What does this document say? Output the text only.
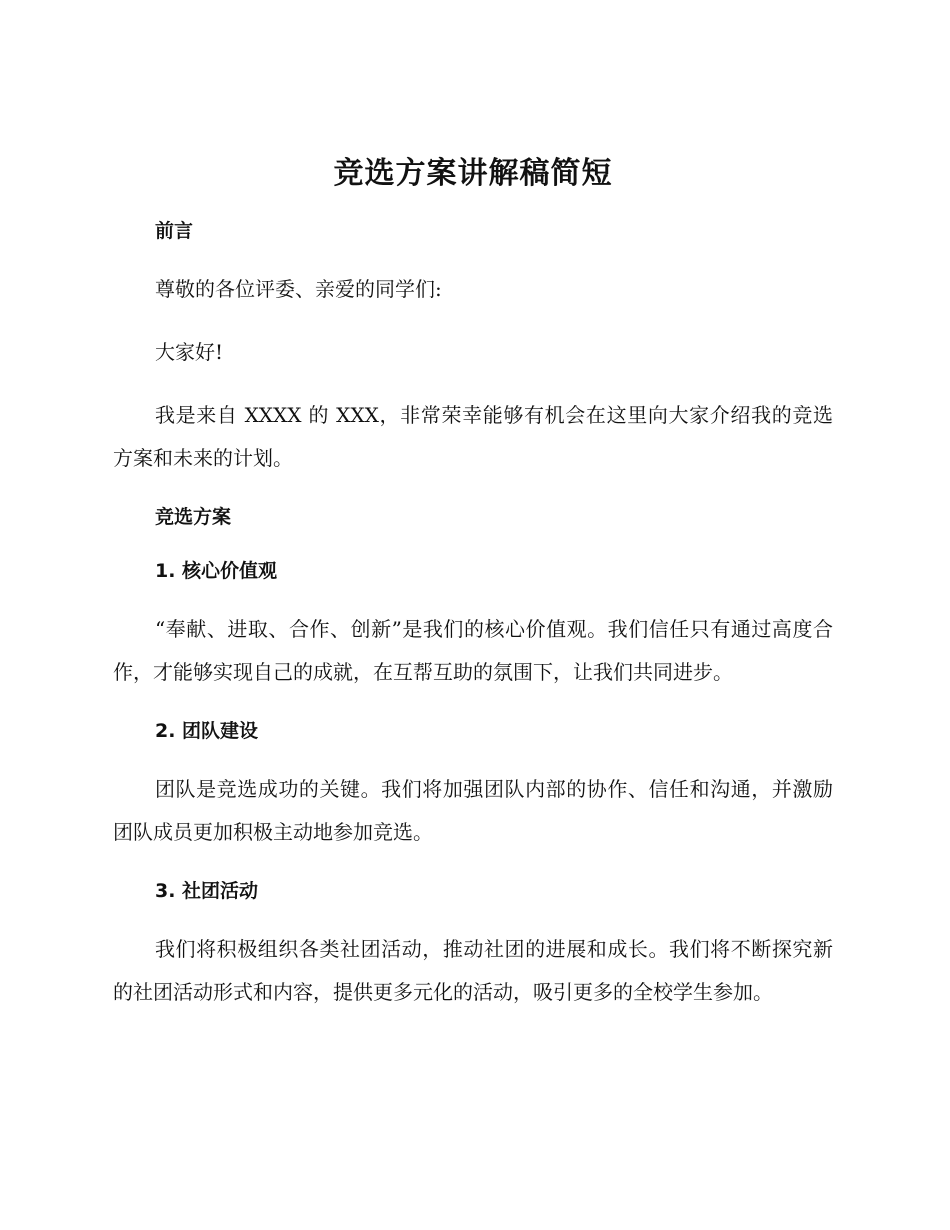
竞选方案讲解稿简短
前言

尊敬的各位评委、亲爱的同学们:

大家好!

我是来自 XXXX 的 XXX，非常荣幸能够有机会在这里向大家介绍我的竞选方案和未来的计划。

竞选方案
1. 核心价值观

“奉献、进取、合作、创新”是我们的核心价值观。我们信任只有通过高度合作，才能够实现自己的成就，在互帮互助的氛围下，让我们共同进步。

2. 团队建设

团队是竞选成功的关键。我们将加强团队内部的协作、信任和沟通，并激励团队成员更加积极主动地参加竞选。

3. 社团活动

我们将积极组织各类社团活动，推动社团的进展和成长。我们将不断探究新的社团活动形式和内容，提供更多元化的活动，吸引更多的全校学生参加。
